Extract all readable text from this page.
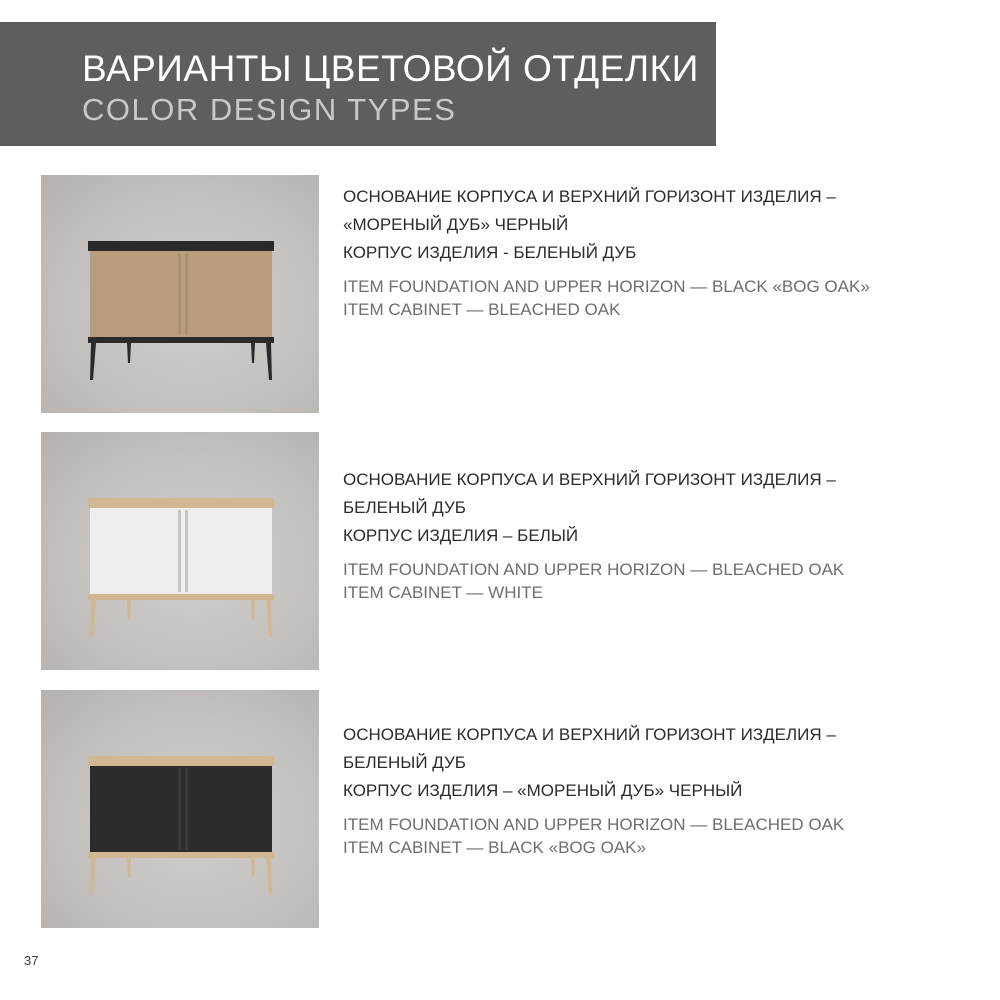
ВАРИАНТЫ ЦВЕТОВОЙ ОТДЕЛКИ
COLOR DESIGN TYPES
ОСНОВАНИЕ КОРПУСА И ВЕРХНИЙ ГОРИЗОНТ ИЗДЕЛИЯ –
«МОРЕНЫЙ ДУБ» ЧЕРНЫЙ
КОРПУС ИЗДЕЛИЯ - БЕЛЕНЫЙ ДУБ
ITEM FOUNDATION AND UPPER HORIZON — BLACK «BOG OAK»
ITEM CABINET — BLEACHED OAK
ОСНОВАНИЕ КОРПУСА И ВЕРХНИЙ ГОРИЗОНТ ИЗДЕЛИЯ –
БЕЛЕНЫЙ ДУБ
КОРПУС ИЗДЕЛИЯ – БЕЛЫЙ
ITEM FOUNDATION AND UPPER HORIZON — BLEACHED OAK
ITEM CABINET — WHITE
ОСНОВАНИЕ КОРПУСА И ВЕРХНИЙ ГОРИЗОНТ ИЗДЕЛИЯ –
БЕЛЕНЫЙ ДУБ
КОРПУС ИЗДЕЛИЯ – «МОРЕНЫЙ ДУБ» ЧЕРНЫЙ
ITEM FOUNDATION AND UPPER HORIZON — BLEACHED OAK
ITEM CABINET — BLACK «BOG OAK»
37
